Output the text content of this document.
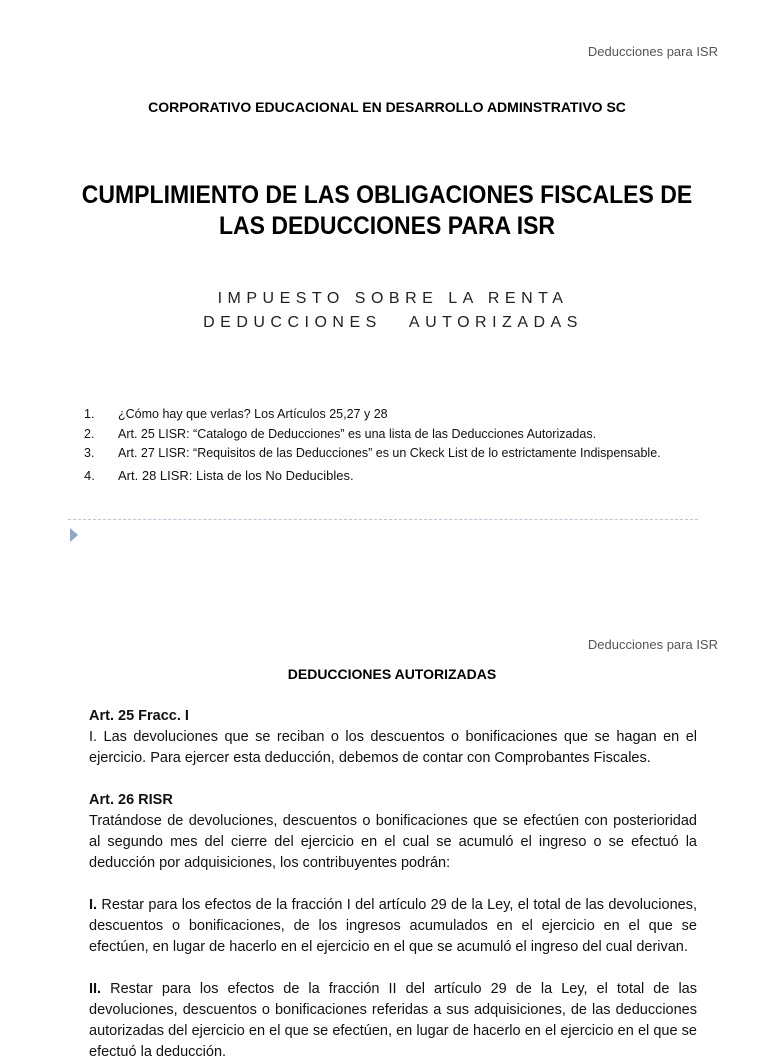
Deducciones para ISR
CORPORATIVO EDUCACIONAL EN DESARROLLO ADMINSTRATIVO SC
CUMPLIMIENTO DE LAS OBLIGACIONES FISCALES DE
LAS DEDUCCIONES PARA ISR
IMPUESTO SOBRE LA RENTA
DEDUCCIONES AUTORIZADAS
1.	¿Cómo hay que verlas? Los Artículos 25,27 y 28
2.	Art. 25 LISR: “Catalogo de Deducciones” es una lista de las Deducciones Autorizadas.
3.	Art. 27 LISR: “Requisitos de las Deducciones” es un Ckeck List de lo estrictamente Indispensable.
4.	Art. 28 LISR: Lista de los No Deducibles.
Deducciones para ISR
DEDUCCIONES AUTORIZADAS

Art. 25 Fracc. I

I. Las devoluciones que se reciban o los descuentos o bonificaciones que se hagan en el ejercicio. Para ejercer esta deducción, debemos de contar con Comprobantes Fiscales.

Art. 26 RISR

Tratándose de devoluciones, descuentos o bonificaciones que se efectúen con posterioridad al segundo mes del cierre del ejercicio en el cual se acumuló el ingreso o se efectuó la deducción por adquisiciones, los contribuyentes podrán:

I. Restar para los efectos de la fracción I del artículo 29 de la Ley, el total de las devoluciones, descuentos o bonificaciones, de los ingresos acumulados en el ejercicio en el que se efectúen, en lugar de hacerlo en el ejercicio en el que se acumuló el ingreso del cual derivan.

II. Restar para los efectos de la fracción II del artículo 29 de la Ley, el total de las devoluciones, descuentos o bonificaciones referidas a sus adquisiciones, de las deducciones autorizadas del ejercicio en el que se efectúen, en lugar de hacerlo en el ejercicio en el que se efectuó la deducción.
